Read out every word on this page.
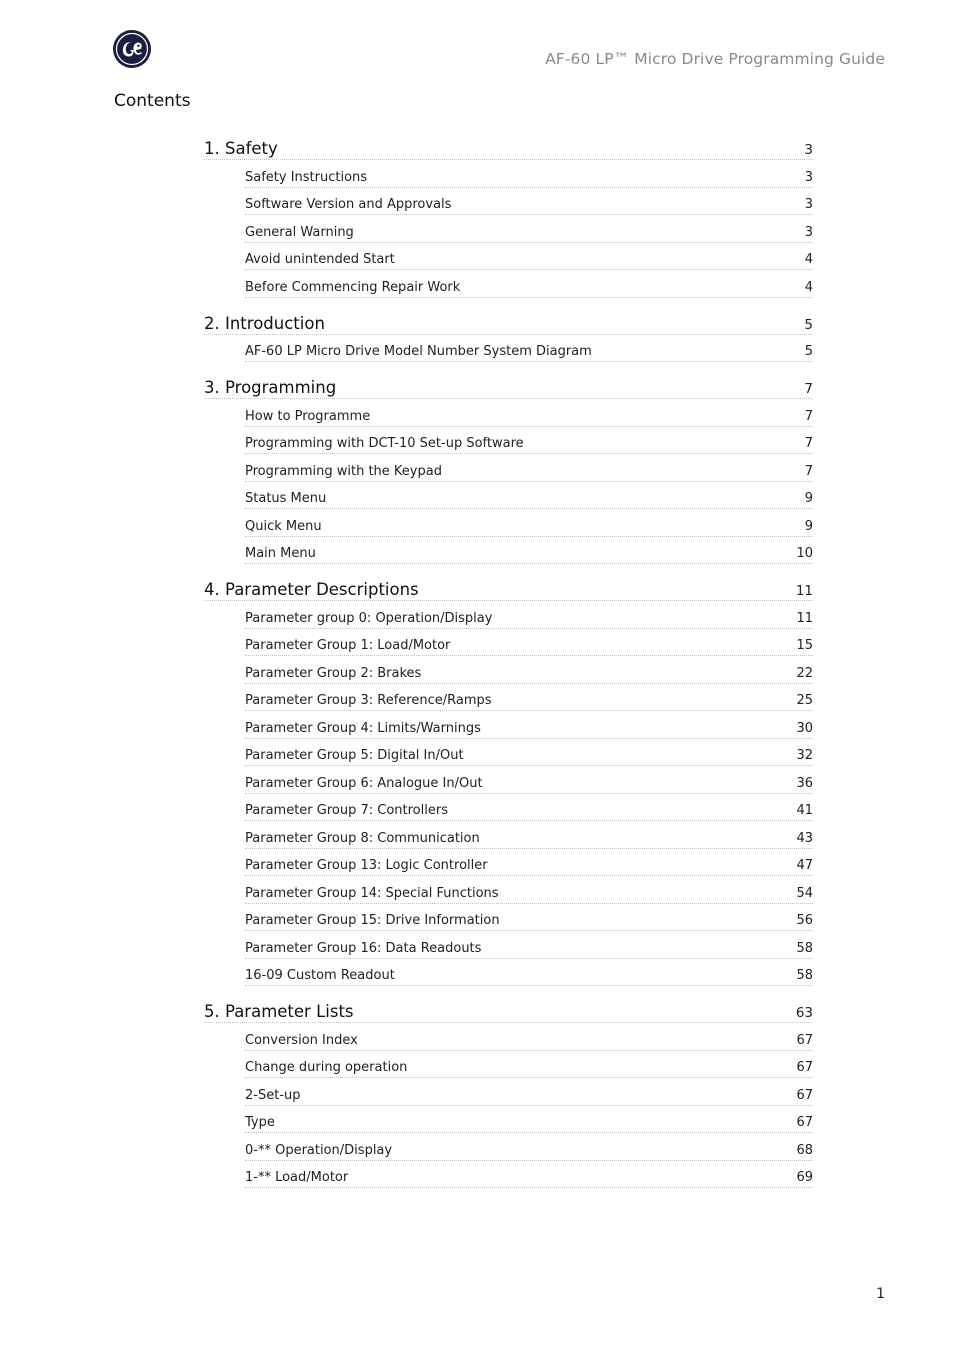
AF-60 LP™ Micro Drive Programming Guide
Contents
1. Safety	3
Safety Instructions	3
Software Version and Approvals	3
General Warning	3
Avoid unintended Start	4
Before Commencing Repair Work	4
2. Introduction	5
AF-60 LP Micro Drive Model Number System Diagram	5
3. Programming	7
How to Programme	7
Programming with DCT-10 Set-up Software	7
Programming with the Keypad	7
Status Menu	9
Quick Menu	9
Main Menu	10
4. Parameter Descriptions	11
Parameter group 0: Operation/Display	11
Parameter Group 1: Load/Motor	15
Parameter Group 2: Brakes	22
Parameter Group 3: Reference/Ramps	25
Parameter Group 4: Limits/Warnings	30
Parameter Group 5: Digital In/Out	32
Parameter Group 6: Analogue In/Out	36
Parameter Group 7: Controllers	41
Parameter Group 8: Communication	43
Parameter Group 13: Logic Controller	47
Parameter Group 14: Special Functions	54
Parameter Group 15: Drive Information	56
Parameter Group 16: Data Readouts	58
16-09 Custom Readout	58
5. Parameter Lists	63
Conversion Index	67
Change during operation	67
2-Set-up	67
Type	67
0-** Operation/Display	68
1-** Load/Motor	69
1
